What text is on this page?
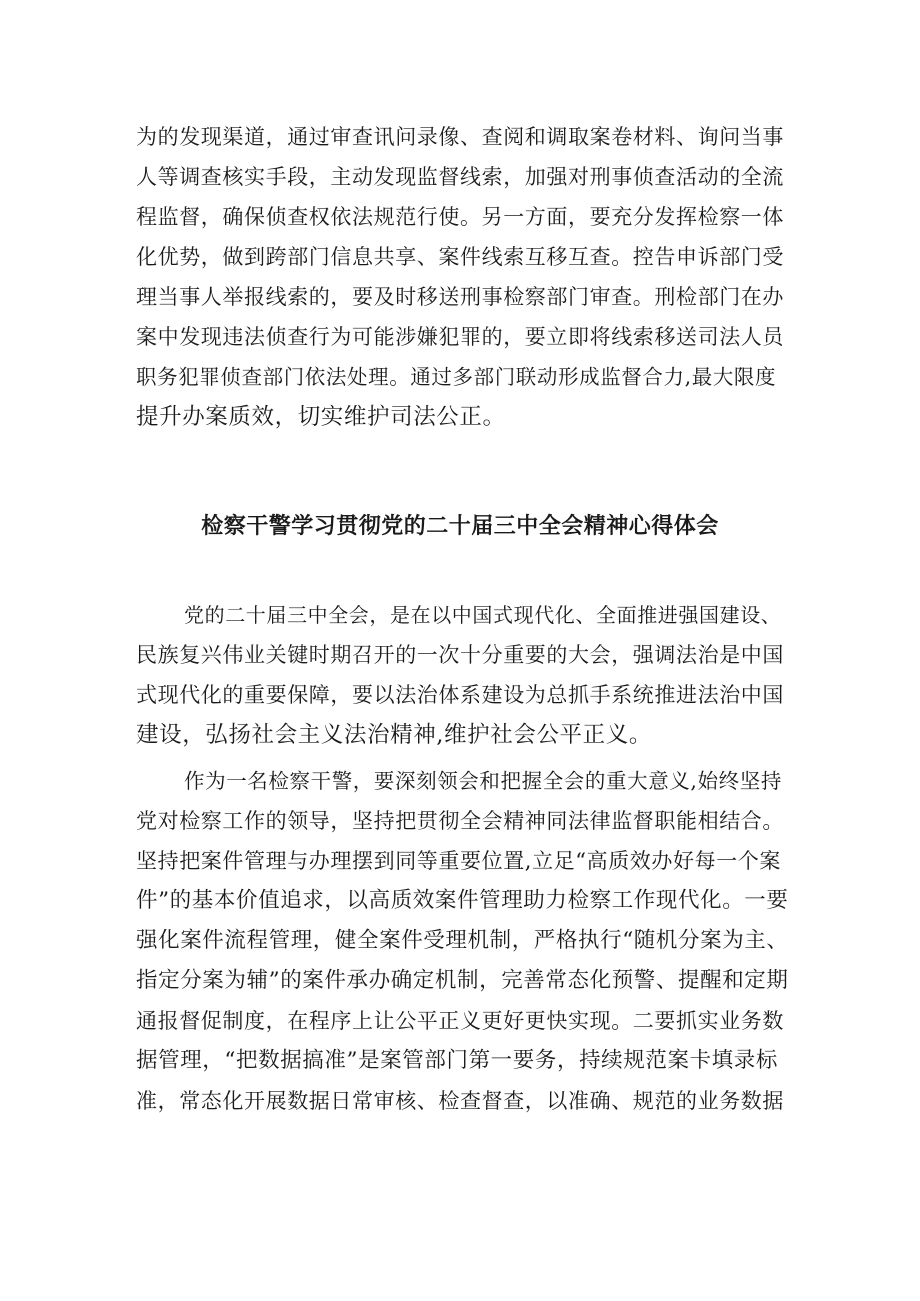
为的发现渠道，通过审查讯问录像、查阅和调取案卷材料、询问当事
人等调查核实手段，主动发现监督线索，加强对刑事侦查活动的全流
程监督，确保侦查权依法规范行使。另一方面，要充分发挥检察一体
化优势，做到跨部门信息共享、案件线索互移互查。控告申诉部门受
理当事人举报线索的，要及时移送刑事检察部门审查。刑检部门在办
案中发现违法侦查行为可能涉嫌犯罪的，要立即将线索移送司法人员
职务犯罪侦查部门依法处理。通过多部门联动形成监督合力,最大限度
提升办案质效，切实维护司法公正。
检察干警学习贯彻党的二十届三中全会精神心得体会
党的二十届三中全会，是在以中国式现代化、全面推进强国建设、
民族复兴伟业关键时期召开的一次十分重要的大会，强调法治是中国
式现代化的重要保障，要以法治体系建设为总抓手系统推进法治中国
建设，弘扬社会主义法治精神,维护社会公平正义。
作为一名检察干警，要深刻领会和把握全会的重大意义,始终坚持
党对检察工作的领导，坚持把贯彻全会精神同法律监督职能相结合。
坚持把案件管理与办理摆到同等重要位置,立足“高质效办好每一个案
件”的基本价值追求，以高质效案件管理助力检察工作现代化。一要
强化案件流程管理，健全案件受理机制，严格执行“随机分案为主、
指定分案为辅”的案件承办确定机制，完善常态化预警、提醒和定期
通报督促制度，在程序上让公平正义更好更快实现。二要抓实业务数
据管理，“把数据搞准”是案管部门第一要务，持续规范案卡填录标
准，常态化开展数据日常审核、检查督查，以准确、规范的业务数据
